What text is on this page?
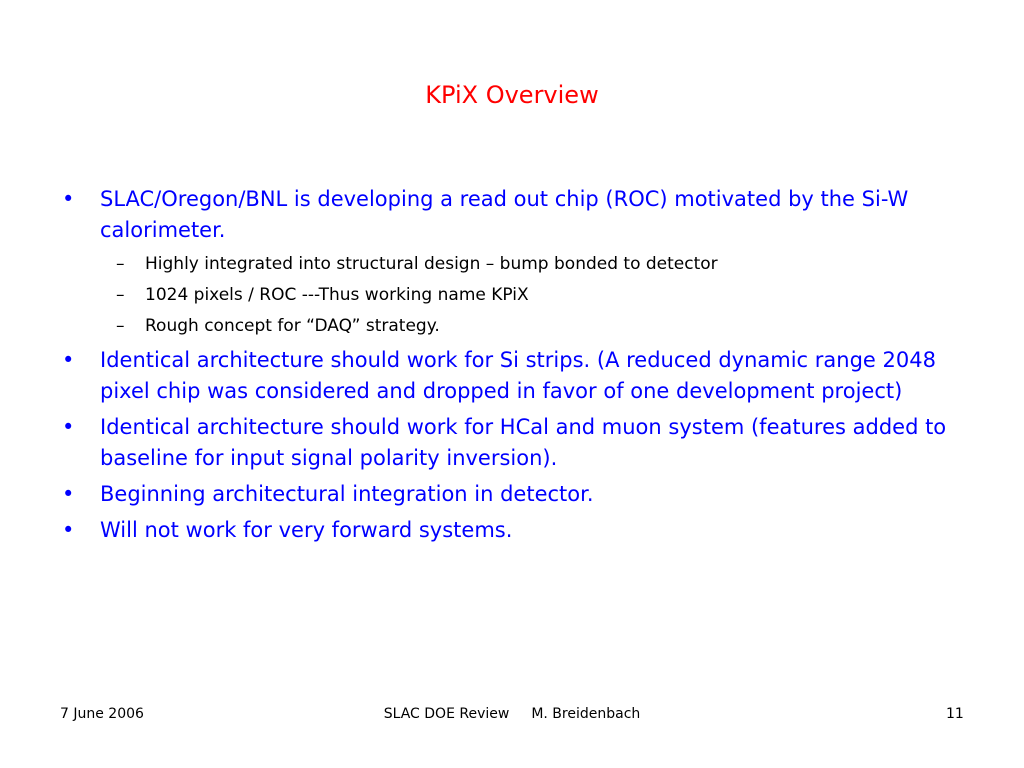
KPiX Overview
• SLAC/Oregon/BNL is developing a read out chip (ROC) motivated by the Si-W calorimeter.
– Highly integrated into structural design – bump bonded to detector
– 1024 pixels / ROC ---Thus working name KPiX
– Rough concept for “DAQ” strategy.
• Identical architecture should work for Si strips. (A reduced dynamic range 2048 pixel chip was considered and dropped in favor of one development project)
• Identical architecture should work for HCal and muon system (features added to baseline for input signal polarity inversion).
• Beginning architectural integration in detector.
• Will not work for very forward systems.
7 June 2006	SLAC DOE Review M. Breidenbach	11
